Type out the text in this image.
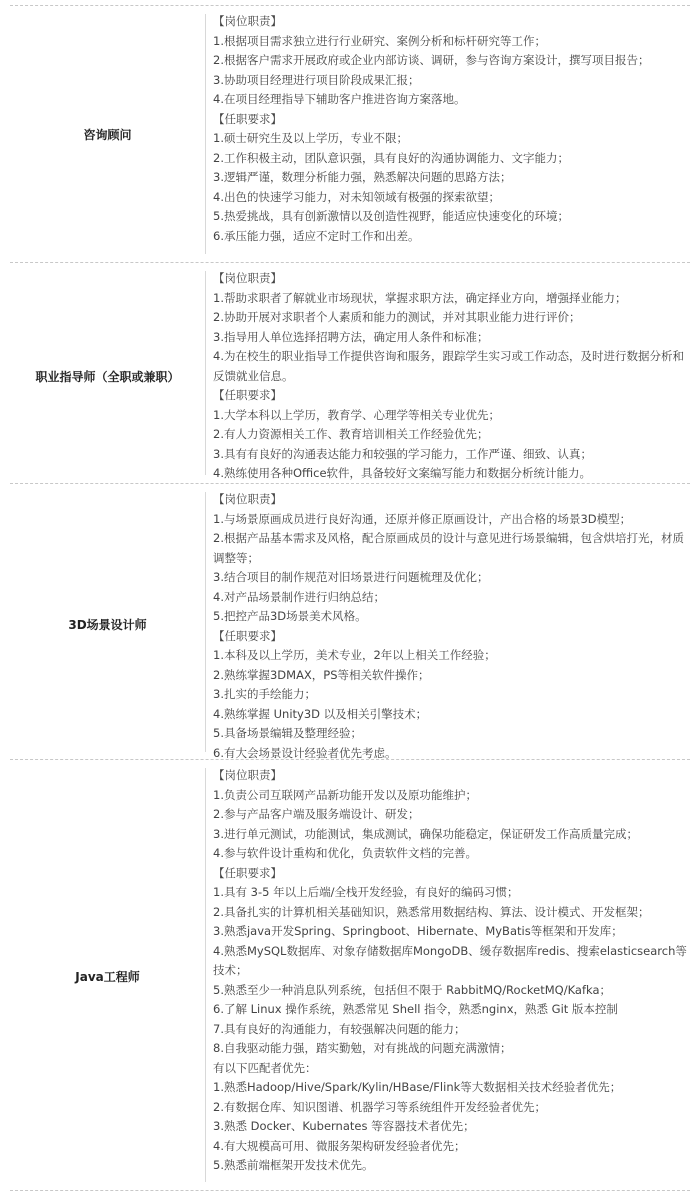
咨询顾问

【岗位职责】

1.根据项目需求独立进行行业研究、案例分析和标杆研究等工作；

2.根据客户需求开展政府或企业内部访谈、调研，参与咨询方案设计，撰写项目报告；

3.协助项目经理进行项目阶段成果汇报；

4.在项目经理指导下辅助客户推进咨询方案落地。

【任职要求】

1.硕士研究生及以上学历，专业不限；

2.工作积极主动，团队意识强，具有良好的沟通协调能力、文字能力；

3.逻辑严谨，数理分析能力强，熟悉解决问题的思路方法；

4.出色的快速学习能力，对未知领域有极强的探索欲望；

5.热爱挑战，具有创新激情以及创造性视野，能适应快速变化的环境；

6.承压能力强，适应不定时工作和出差。

职业指导师（全职或兼职）

【岗位职责】

1.帮助求职者了解就业市场现状，掌握求职方法，确定择业方向，增强择业能力；

2.协助开展对求职者个人素质和能力的测试，并对其职业能力进行评价；

3.指导用人单位选择招聘方法，确定用人条件和标准；

4.为在校生的职业指导工作提供咨询和服务，跟踪学生实习或工作动态，及时进行数据分析和反馈就业信息。

【任职要求】

1.大学本科以上学历，教育学、心理学等相关专业优先；

2.有人力资源相关工作、教育培训相关工作经验优先；

3.具有有良好的沟通表达能力和较强的学习能力，工作严谨、细致、认真；

4.熟练使用各种Office软件，具备较好文案编写能力和数据分析统计能力。

3D场景设计师

【岗位职责】

1.与场景原画成员进行良好沟通，还原并修正原画设计，产出合格的场景3D模型；

2.根据产品基本需求及风格，配合原画成员的设计与意见进行场景编辑，包含烘培打光，材质调整等；

3.结合项目的制作规范对旧场景进行问题梳理及优化；

4.对产品场景制作进行归纳总结；

5.把控产品3D场景美术风格。

【任职要求】

1.本科及以上学历，美术专业，2年以上相关工作经验；

2.熟练掌握3DMAX，PS等相关软件操作；

3.扎实的手绘能力；

4.熟练掌握 Unity3D 以及相关引擎技术；

5.具备场景编辑及整理经验；

6.有大会场景设计经验者优先考虑。

Java工程师

【岗位职责】

1.负责公司互联网产品新功能开发以及原功能维护；

2.参与产品客户端及服务端设计、研发；

3.进行单元测试，功能测试，集成测试，确保功能稳定，保证研发工作高质量完成；

4.参与软件设计重构和优化，负责软件文档的完善。

【任职要求】

1.具有 3-5 年以上后端/全栈开发经验，有良好的编码习惯；

2.具备扎实的计算机相关基础知识，熟悉常用数据结构、算法、设计模式、开发框架；

3.熟悉java开发Spring、Springboot、Hibernate、MyBatis等框架和开发库；

4.熟悉MySQL数据库、对象存储数据库MongoDB、缓存数据库redis、搜索elasticsearch等技术；

5.熟悉至少一种消息队列系统，包括但不限于 RabbitMQ/RocketMQ/Kafka；

6.了解 Linux 操作系统，熟悉常见 Shell 指令，熟悉nginx，熟悉 Git 版本控制

7.具有良好的沟通能力，有较强解决问题的能力；

8.自我驱动能力强，踏实勤勉，对有挑战的问题充满激情；

有以下匹配者优先：

1.熟悉Hadoop/Hive/Spark/Kylin/HBase/Flink等大数据相关技术经验者优先；

2.有数据仓库、知识图谱、机器学习等系统组件开发经验者优先；

3.熟悉 Docker、Kubernates 等容器技术者优先；

4.有大规模高可用、微服务架构研发经验者优先；

5.熟悉前端框架开发技术优先。
